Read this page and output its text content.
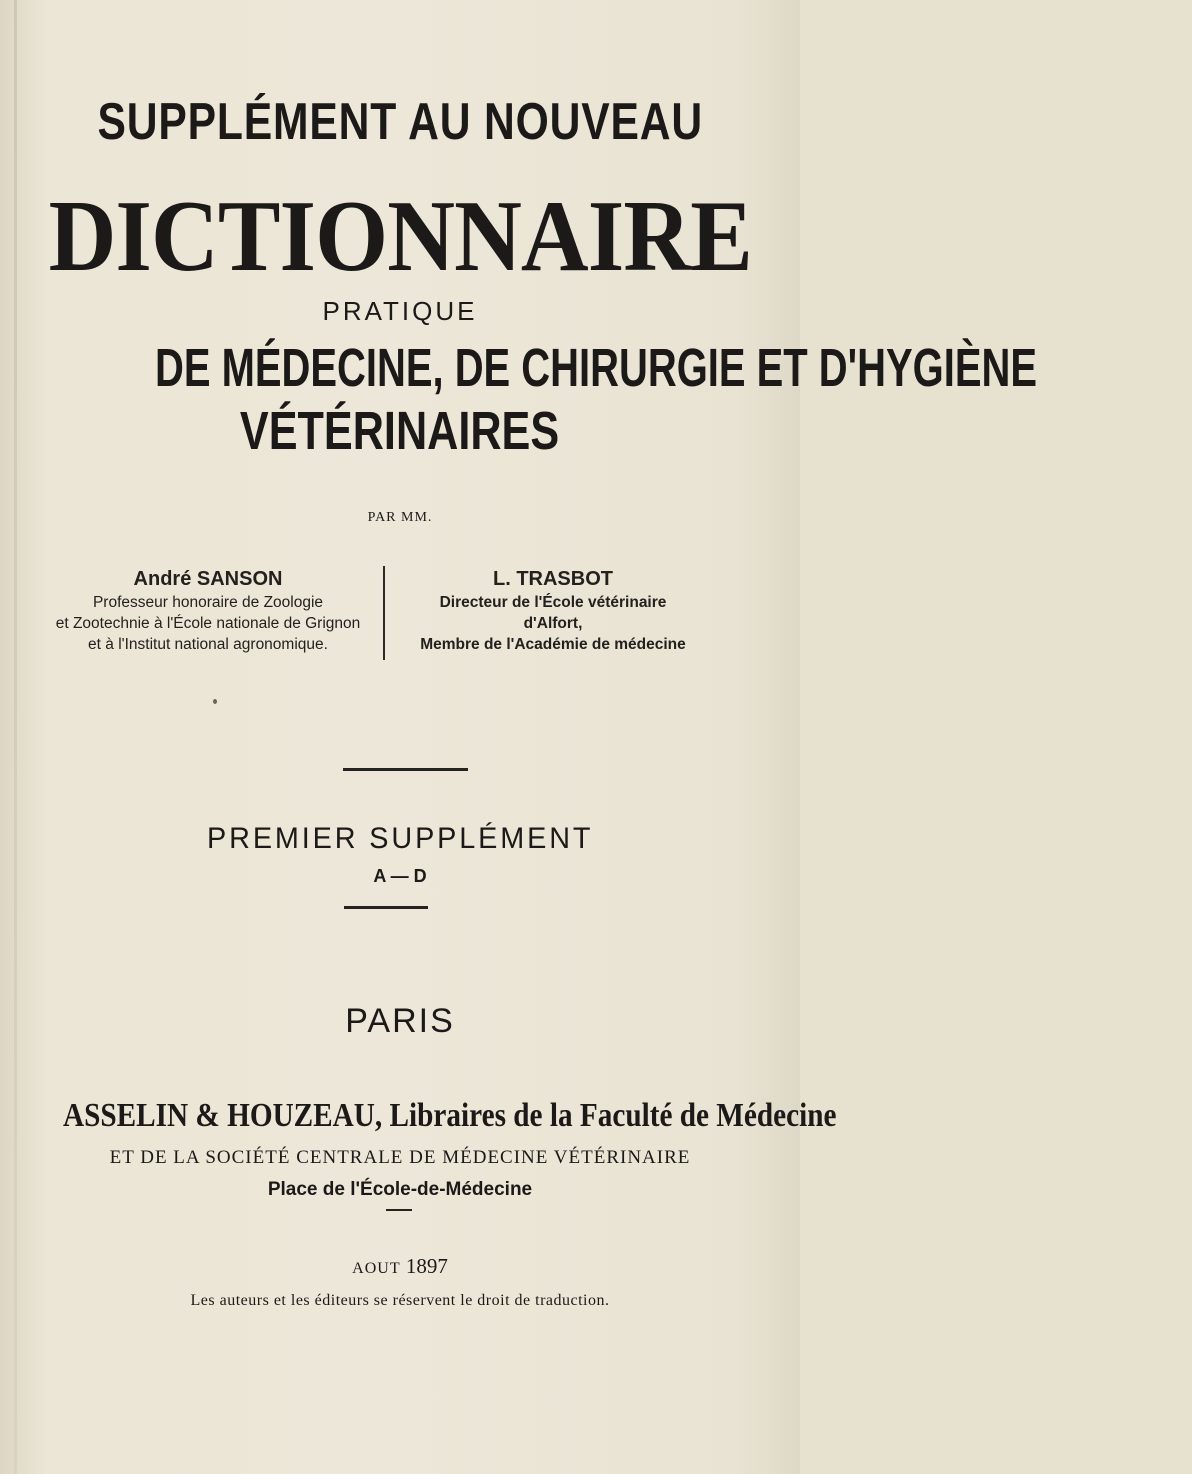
SUPPLÉMENT AU NOUVEAU
DICTIONNAIRE
PRATIQUE
DE MÉDECINE, DE CHIRURGIE ET D'HYGIÈNE
VÉTÉRINAIRES
PAR MM.
André SANSON
Professeur honoraire de Zoologie
et Zootechnie à l'École nationale de Grignon
et à l'Institut national agronomique.
L. TRASBOT
Directeur de l'École vétérinaire
d'Alfort,
Membre de l'Académie de médecine
PREMIER SUPPLÉMENT
A — D
PARIS
ASSELIN & HOUZEAU, Libraires de la Faculté de Médecine
ET DE LA SOCIÉTÉ CENTRALE DE MÉDECINE VÉTÉRINAIRE
Place de l'École-de-Médecine
AOUT 1897
Les auteurs et les éditeurs se réservent le droit de traduction.
